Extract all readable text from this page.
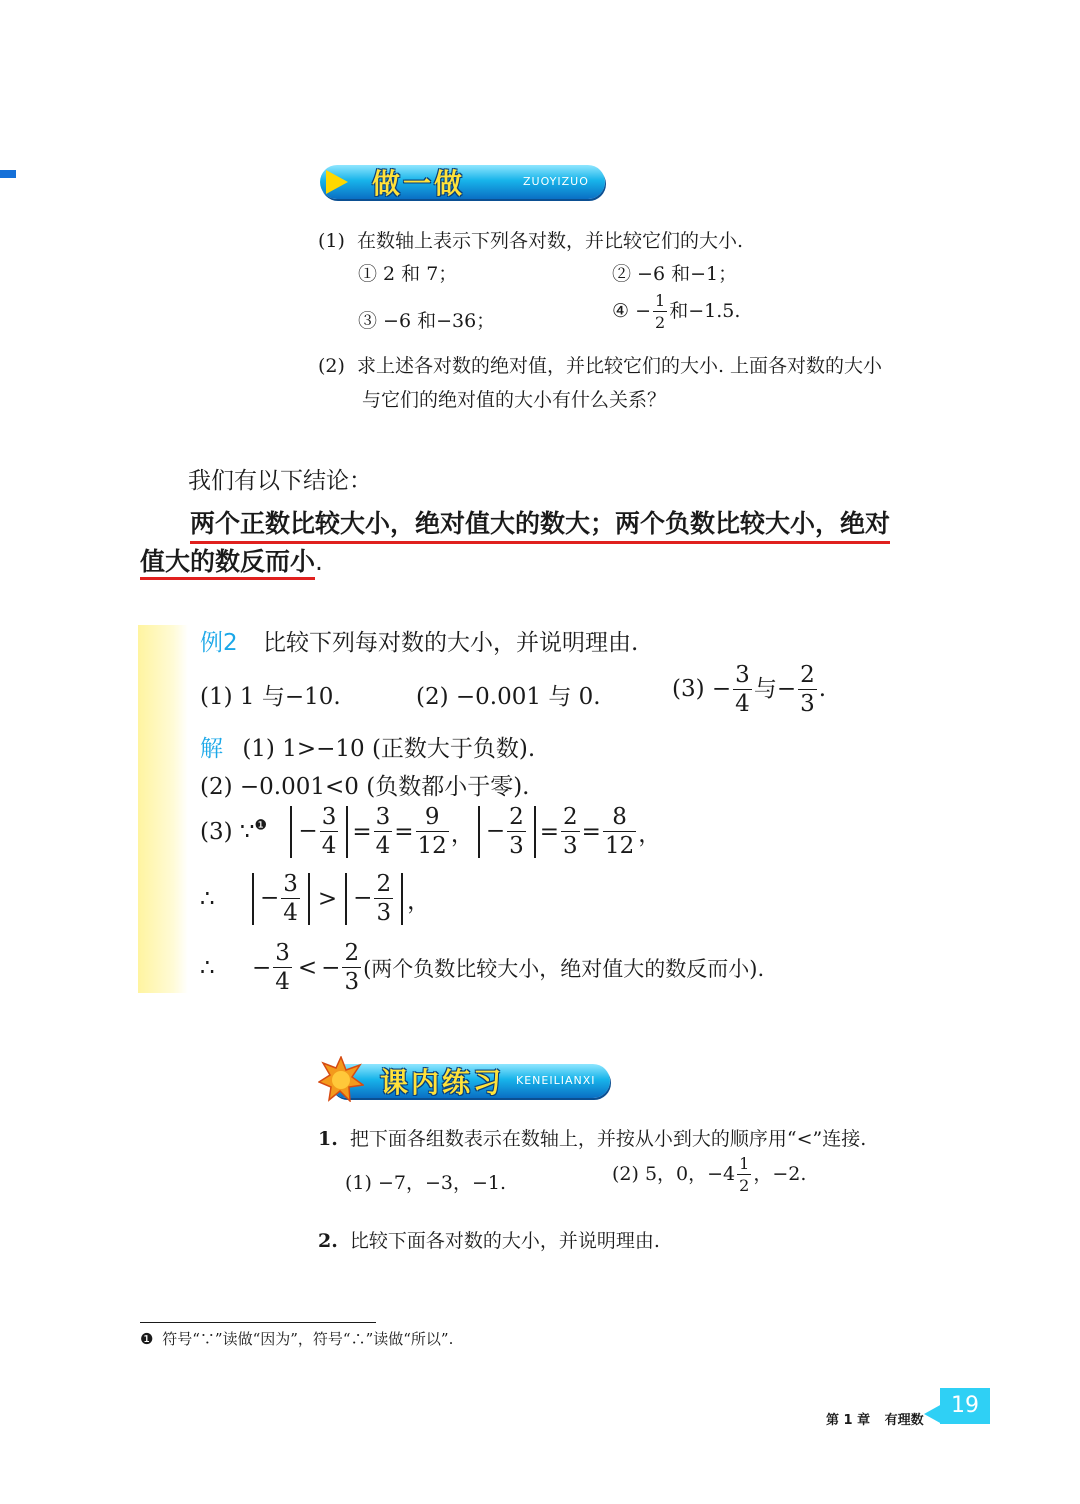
做一做	ZUOYIZUO
(1) 在数轴上表示下列各对数，并比较它们的大小.
① 2 和 7；	② −6 和−1；
③ −6 和−36；	④ − $\frac{1}{2}$ 和−1.5.
(2) 求上述各对数的绝对值，并比较它们的大小. 上面各对数的大小
与它们的绝对值的大小有什么关系？
我们有以下结论：
两个正数比较大小，绝对值大的数大；两个负数比较大小，绝对
值大的数反而小.
例2 比较下列每对数的大小，并说明理由.
(1) 1 与−10.	(2) −0.001 与 0.	$(3) - \frac{3}{4}$ 与− $\frac{2}{3}$ .
解 (1) 1>−10 (正数大于负数).
(2) −0.001<0 (负数都小于零).
(3) ∵$^❶$ − $\frac{3}{4} = \frac{3}{4} = \frac{9}{12}$ ， − $\frac{2}{3} = \frac{2}{3} = \frac{8}{12}$ ，
∴ − $\frac{3}{4}$ > − $\frac{2}{3}$ ，
∴ − $\frac{3}{4}$ < − $\frac{2}{3}$ (两个负数比较大小，绝对值大的数反而小).
课内练习 KENEILIANXI
1. 把下面各组数表示在数轴上，并按从小到大的顺序用“<”连接.
(1) −7，−3，−1.	(2) 5，0，$-4 \frac{1}{2}$ ，−2.
2. 比较下面各对数的大小，并说明理由.
❶ 符号“∵”读做“因为”，符号“∴”读做“所以”.
第 1 章 有理数
19
